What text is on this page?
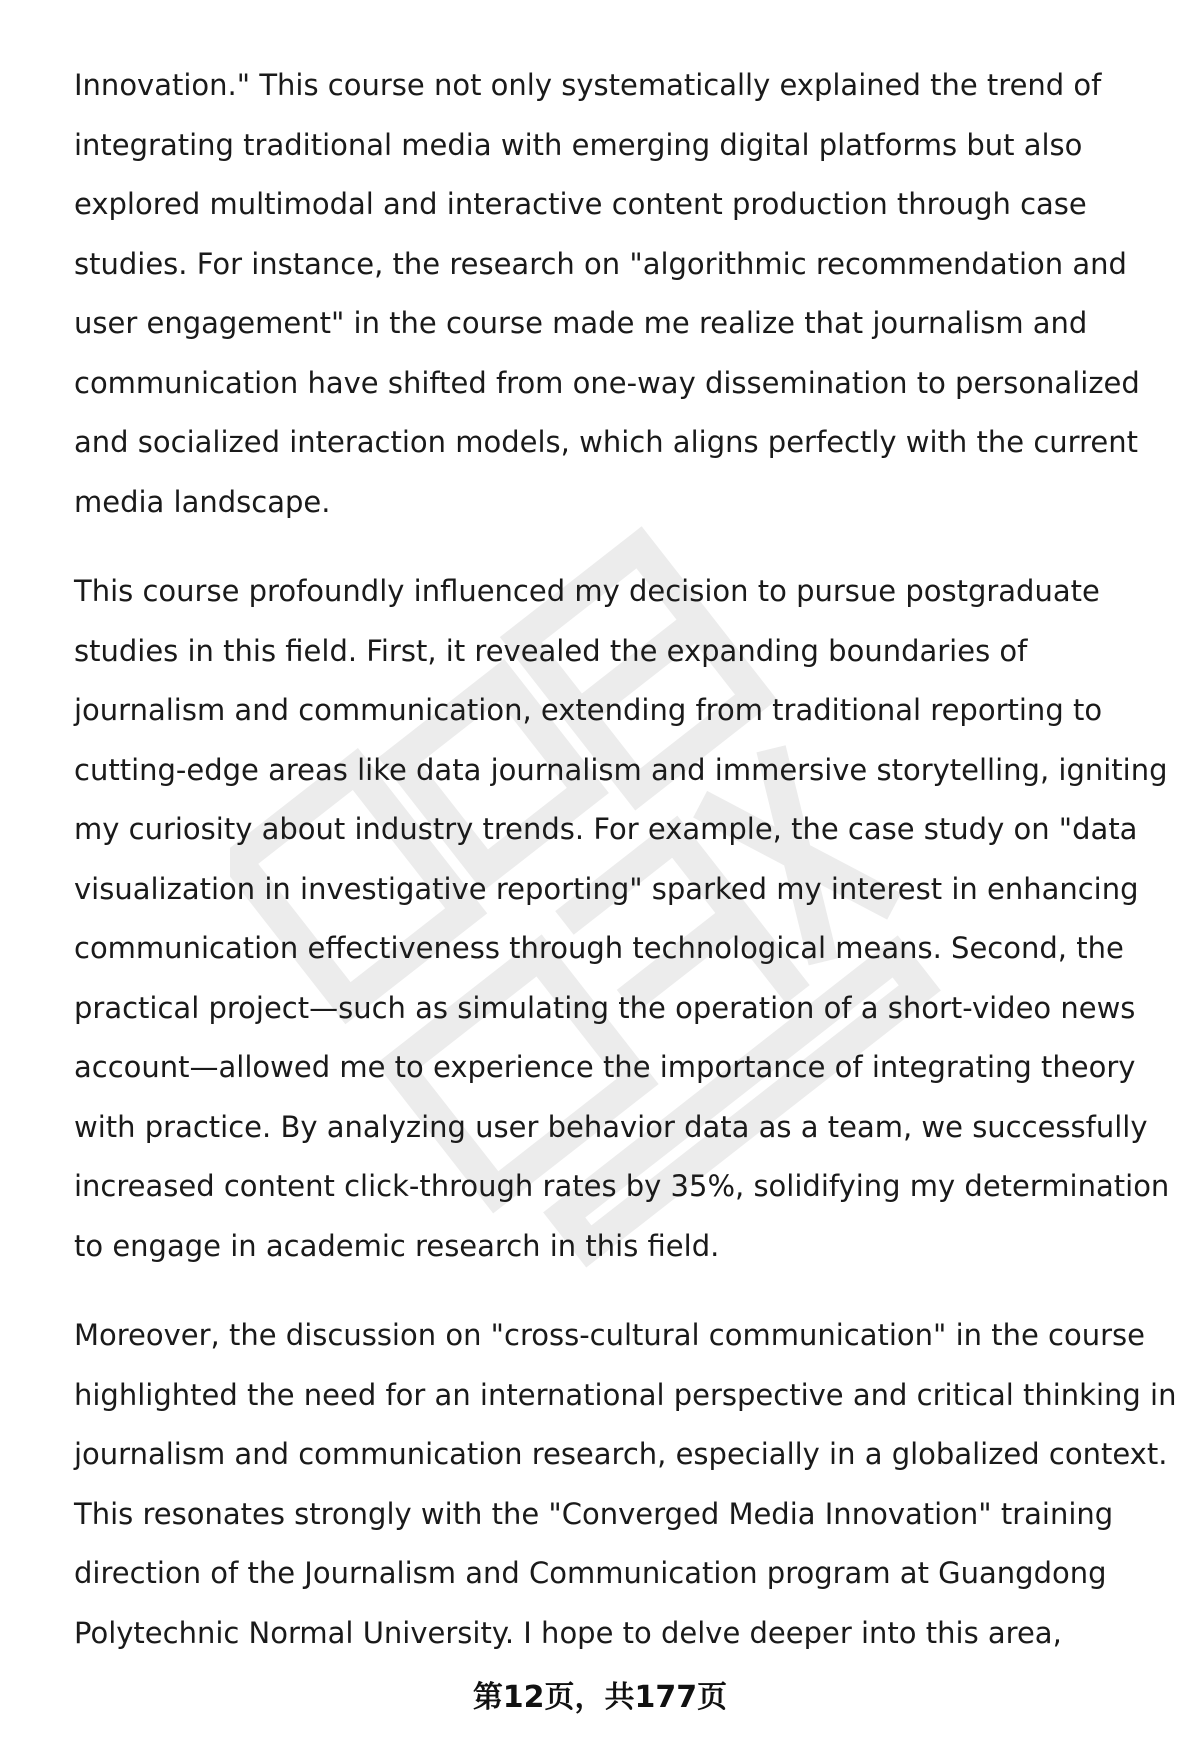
Innovation." This course not only systematically explained the trend of
integrating traditional media with emerging digital platforms but also
explored multimodal and interactive content production through case
studies. For instance, the research on "algorithmic recommendation and
user engagement" in the course made me realize that journalism and
communication have shifted from one-way dissemination to personalized
and socialized interaction models, which aligns perfectly with the current
media landscape.

This course profoundly influenced my decision to pursue postgraduate
studies in this field. First, it revealed the expanding boundaries of
journalism and communication, extending from traditional reporting to
cutting-edge areas like data journalism and immersive storytelling, igniting
my curiosity about industry trends. For example, the case study on "data
visualization in investigative reporting" sparked my interest in enhancing
communication effectiveness through technological means. Second, the
practical project—such as simulating the operation of a short-video news
account—allowed me to experience the importance of integrating theory
with practice. By analyzing user behavior data as a team, we successfully
increased content click-through rates by 35%, solidifying my determination
to engage in academic research in this field.

Moreover, the discussion on "cross-cultural communication" in the course
highlighted the need for an international perspective and critical thinking in
journalism and communication research, especially in a globalized context.
This resonates strongly with the "Converged Media Innovation" training
direction of the Journalism and Communication program at Guangdong
Polytechnic Normal University. I hope to delve deeper into this area,

第12页，共177页
